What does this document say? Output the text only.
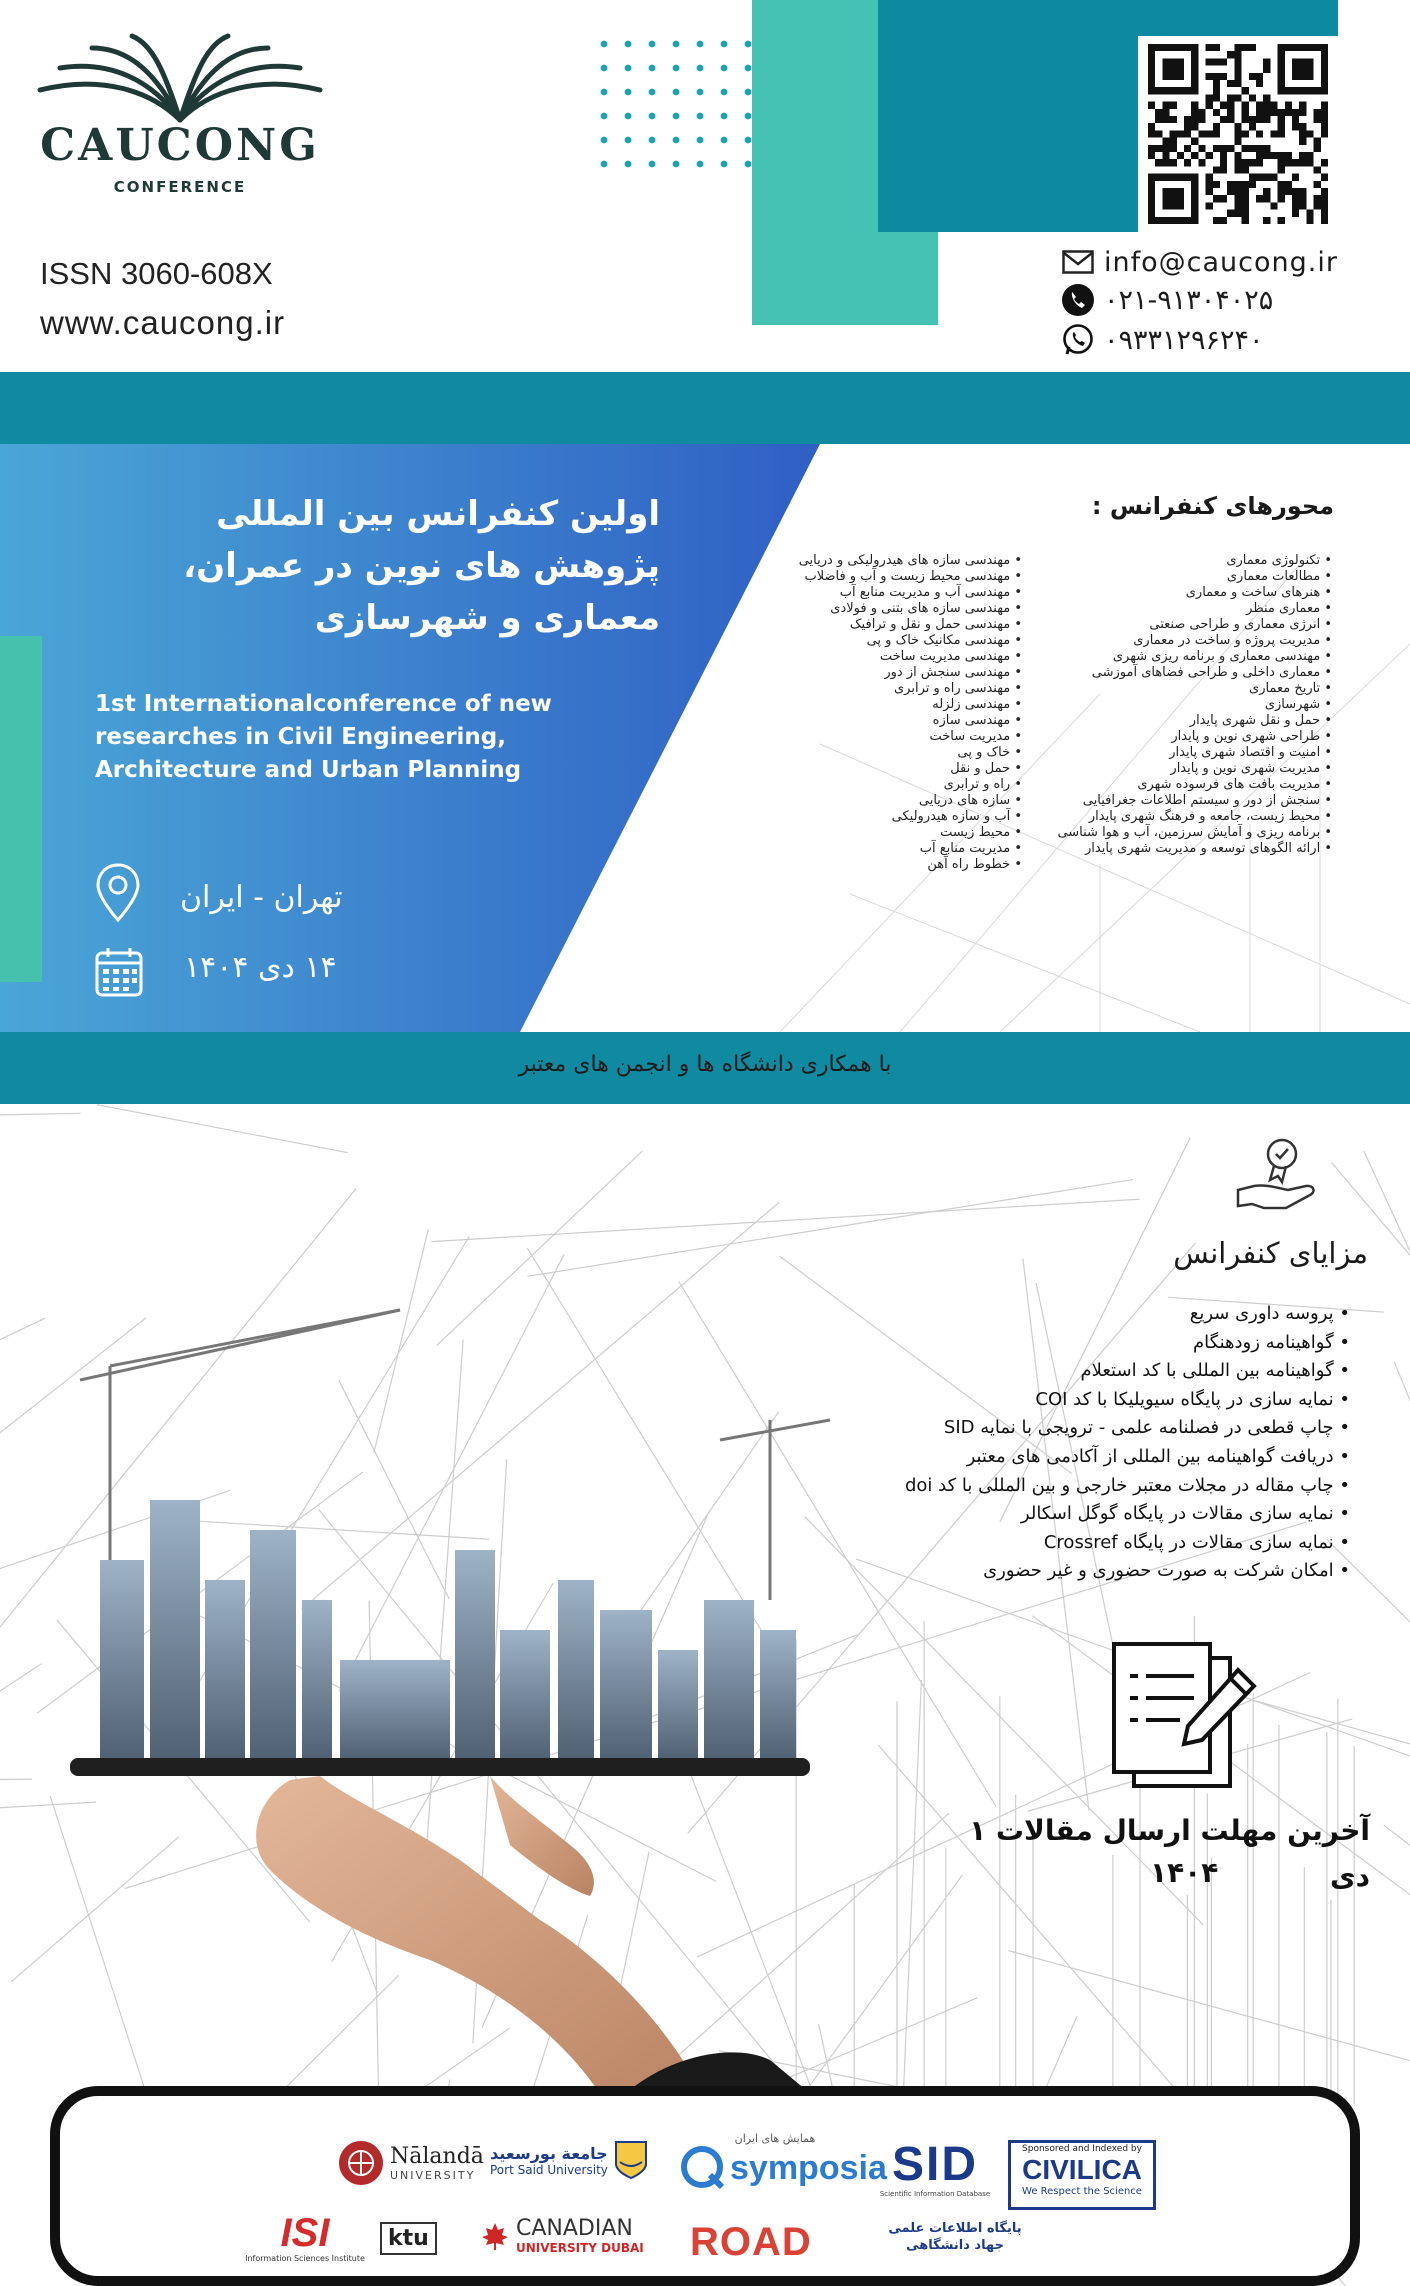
CAUCONG
CONFERENCE
ISSN 3060-608X
www.caucong.ir
info@caucong.ir
۰۲۱-۹۱۳۰۴۰۲۵
۰۹۳۳۱۲۹۶۲۴۰
اولین کنفرانس بین المللی پژوهش های نوین در عمران، معماری و شهرسازی
1st Internationalconference of new researches in Civil Engineering, Architecture and Urban Planning
تهران - ایران
۱۴ دی ۱۴۰۴
محورهای کنفرانس :
• تکنولوژی معماری
• مطالعات معماری
• هنرهای ساخت و معماری
• معماری منظر
• انرژی معماری و طراحی صنعتی
• مدیریت پروژه و ساخت در معماری
• مهندسی معماری و برنامه ریزی شهری
• معماری داخلی و طراحی فضاهای آموزشی
• تاریخ معماری
• شهرسازی
• حمل و نقل شهری پایدار
• طراحی شهری نوین و پایدار
• امنیت و اقتصاد شهری پایدار
• مدیریت شهری نوین و پایدار
• مدیریت بافت های فرسوده شهری
• سنجش از دور و سیستم اطلاعات جغرافیایی
• محیط زیست، جامعه و فرهنگ شهری پایدار
• برنامه ریزی و آمایش سرزمین، آب و هوا شناسی
• ارائه الگوهای توسعه و مدیریت شهری پایدار
• مهندسی سازه های هیدرولیکی و دریایی
• مهندسی محیط زیست و آب و فاضلاب
• مهندسی آب و مدیریت منابع آب
• مهندسی سازه های بتنی و فولادی
• مهندسی حمل و نقل و ترافیک
• مهندسی مکانیک خاک و پی
• مهندسی مدیریت ساخت
• مهندسی سنجش از دور
• مهندسی راه و ترابری
• مهندسی زلزله
• مهندسی سازه
• مدیریت ساخت
• خاک و پی
• حمل و نقل
• راه و ترابری
• سازه های دریایی
• آب و سازه هیدرولیکی
• محیط زیست
• مدیریت منابع آب
• خطوط راه آهن
با همکاری دانشگاه ها و انجمن های معتبر
مزایای کنفرانس
• پروسه داوری سریع
• گواهینامه زودهنگام
• گواهینامه بین المللی با کد استعلام
• نمایه سازی در پایگاه سیویلیکا با کد COI
• چاپ قطعی در فصلنامه علمی - ترویجی با نمایه SID
• دریافت گواهینامه بین المللی از آکادمی های معتبر
• چاپ مقاله در مجلات معتبر خارجی و بین المللی با کد doi
• نمایه سازی مقالات در پایگاه گوگل اسکالر
• نمایه سازی مقالات در پایگاه Crossref
• امکان شرکت به صورت حضوری و غیر حضوری
آخرین مهلت ارسال مقالات ۱ دی
۱۴۰۴
Sponsored and Indexed by
CIVILICA
We Respect the Science
SID
Scientific Information Database
همایش های ایران
symposia
جامعة بورسعيد
Port Said University
Nālandā
UNIVERSITY
پایگاه اطلاعات علمی جهاد دانشگاهی
ROAD
CANADIAN
UNIVERSITY DUBAI
ktu
ISI
Information Sciences Institute
